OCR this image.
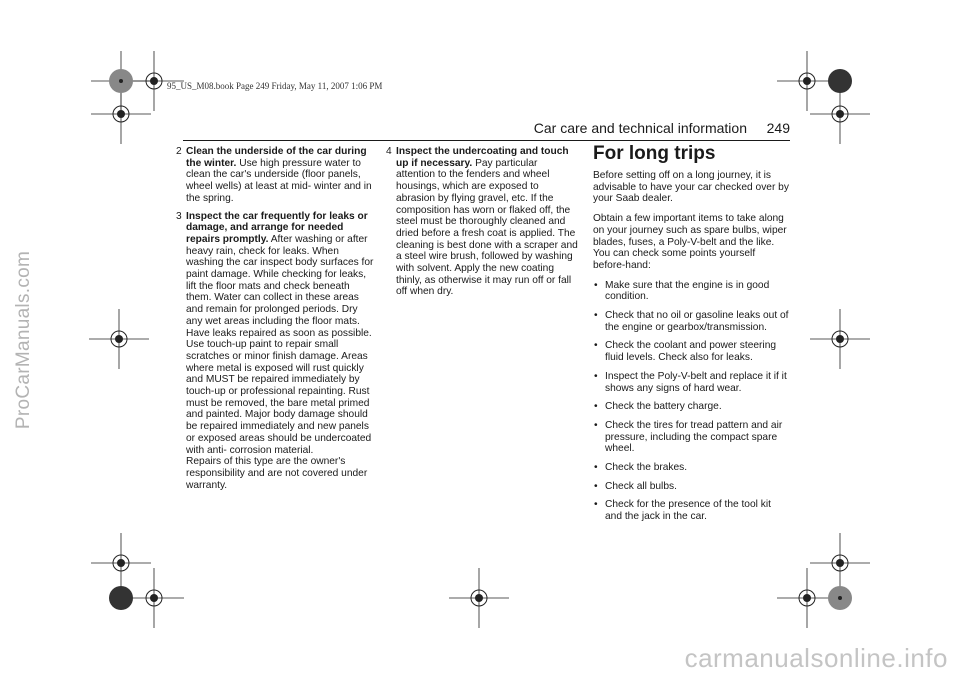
ProCarManuals.com
95_US_M08.book Page 249 Friday, May 11, 2007 1:06 PM
Car care and technical information 249
2 Clean the underside of the car during the winter. Use high pressure water to clean the car's underside (floor panels, wheel wells) at least at mid- winter and in the spring.
3 Inspect the car frequently for leaks or damage, and arrange for needed repairs promptly. After washing or after heavy rain, check for leaks. When washing the car inspect body surfaces for paint damage. While checking for leaks, lift the floor mats and check beneath them. Water can collect in these areas and remain for prolonged periods. Dry any wet areas including the floor mats. Have leaks repaired as soon as possible.

Use touch-up paint to repair small scratches or minor finish damage. Areas where metal is exposed will rust quickly and MUST be repaired immediately by touch-up or professional repainting. Rust must be removed, the bare metal primed and painted. Major body damage should be repaired immediately and new panels or exposed areas should be undercoated with anti- corrosion material.

Repairs of this type are the owner's responsibility and are not covered under warranty.

4 Inspect the undercoating and touch up if necessary. Pay particular attention to the fenders and wheel housings, which are exposed to abrasion by flying gravel, etc. If the composition has worn or flaked off, the steel must be thoroughly cleaned and dried before a fresh coat is applied. The cleaning is best done with a scraper and a steel wire brush, followed by washing with solvent. Apply the new coating thinly, as otherwise it may run off or fall off when dry.
For long trips

Before setting off on a long journey, it is advisable to have your car checked over by your Saab dealer.

Obtain a few important items to take along on your journey such as spare bulbs, wiper blades, fuses, a Poly-V-belt and the like. You can check some points yourself before-hand:

• Make sure that the engine is in good condition.
• Check that no oil or gasoline leaks out of the engine or gearbox/transmission.
• Check the coolant and power steering fluid levels. Check also for leaks.
• Inspect the Poly-V-belt and replace it if it shows any signs of hard wear.
• Check the battery charge.
• Check the tires for tread pattern and air pressure, including the compact spare wheel.
• Check the brakes.
• Check all bulbs.
• Check for the presence of the tool kit and the jack in the car.
carmanualsonline.info
